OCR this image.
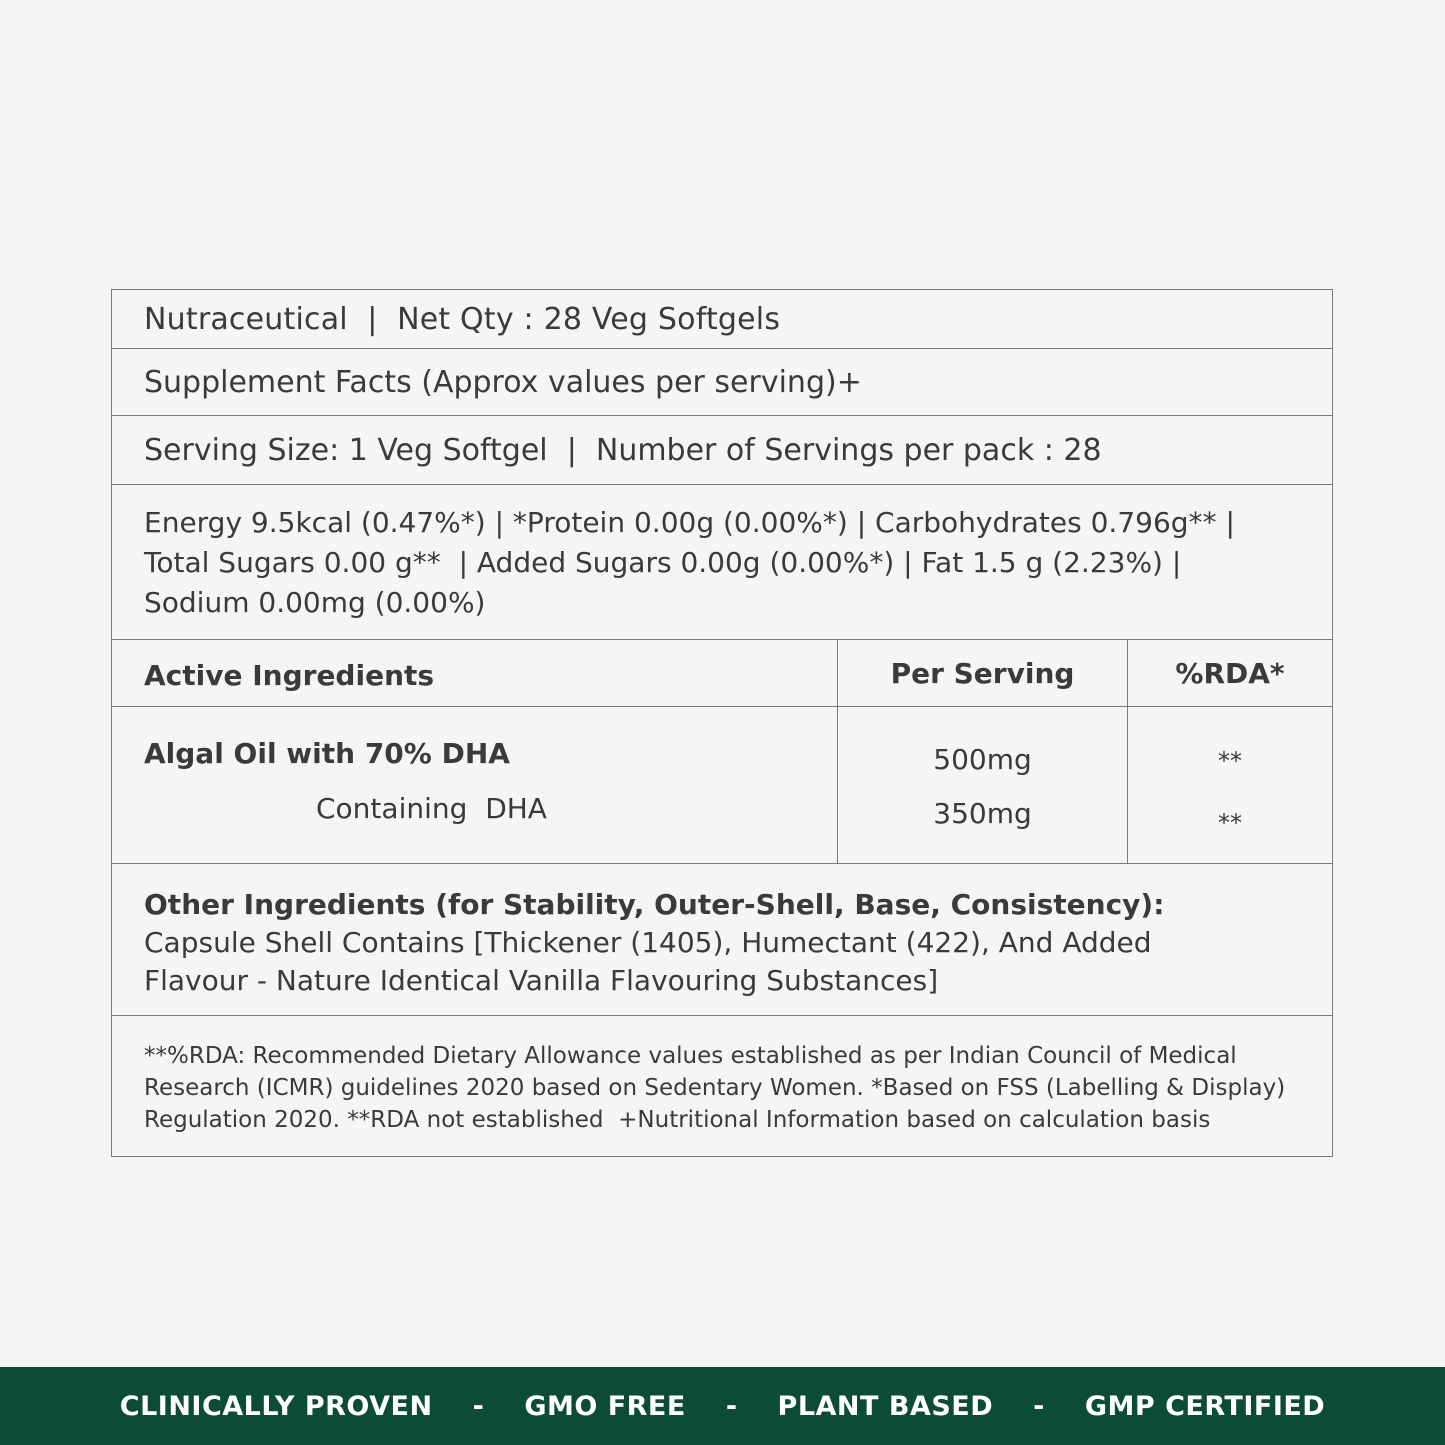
Nutraceutical  |  Net Qty : 28 Veg Softgels
Supplement Facts (Approx values per serving)+
Serving Size: 1 Veg Softgel  |  Number of Servings per pack : 28
Energy 9.5kcal (0.47%*) | *Protein 0.00g (0.00%*) | Carbohydrates 0.796g** |
Total Sugars 0.00 g**  | Added Sugars 0.00g (0.00%*) | Fat 1.5 g (2.23%) |
Sodium 0.00mg (0.00%)
Active Ingredients	Per Serving	%RDA*
Algal Oil with 70% DHA
Containing  DHA
500mg
350mg
**
**
Other Ingredients (for Stability, Outer-Shell, Base, Consistency):
Capsule Shell Contains [Thickener (1405), Humectant (422), And Added
Flavour - Nature Identical Vanilla Flavouring Substances]
**%RDA: Recommended Dietary Allowance values established as per Indian Council of Medical
Research (ICMR) guidelines 2020 based on Sedentary Women. *Based on FSS (Labelling & Display)
Regulation 2020. **RDA not established  +Nutritional Information based on calculation basis
CLINICALLY PROVEN - GMO FREE - PLANT BASED - GMP CERTIFIED
